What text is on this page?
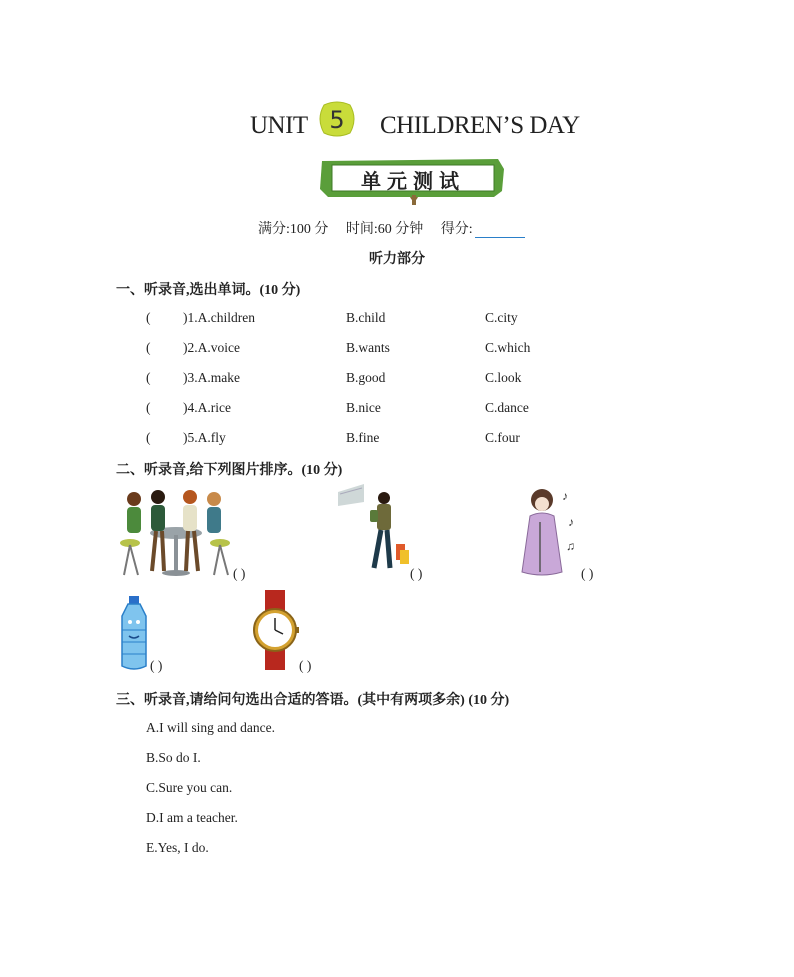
UNIT	CHILDREN’S DAY
5
单元测试
满分:100 分 时间:60 分钟 得分:
听力部分
一、听录音,选出单词。(10 分)
( )1.A.children	B.child	C.city
( )2.A.voice	B.wants	C.which
( )3.A.make	B.good	C.look
( )4.A.rice	B.nice	C.dance
( )5.A.fly	B.fine	C.four
二、听录音,给下列图片排序。(10 分)
( )	( )
♪
♪
♫
( )
( )	( )
三、听录音,请给问句选出合适的答语。(其中有两项多余) (10 分)
A.I will sing and dance.
B.So do I.
C.Sure you can.
D.I am a teacher.
E.Yes, I do.
